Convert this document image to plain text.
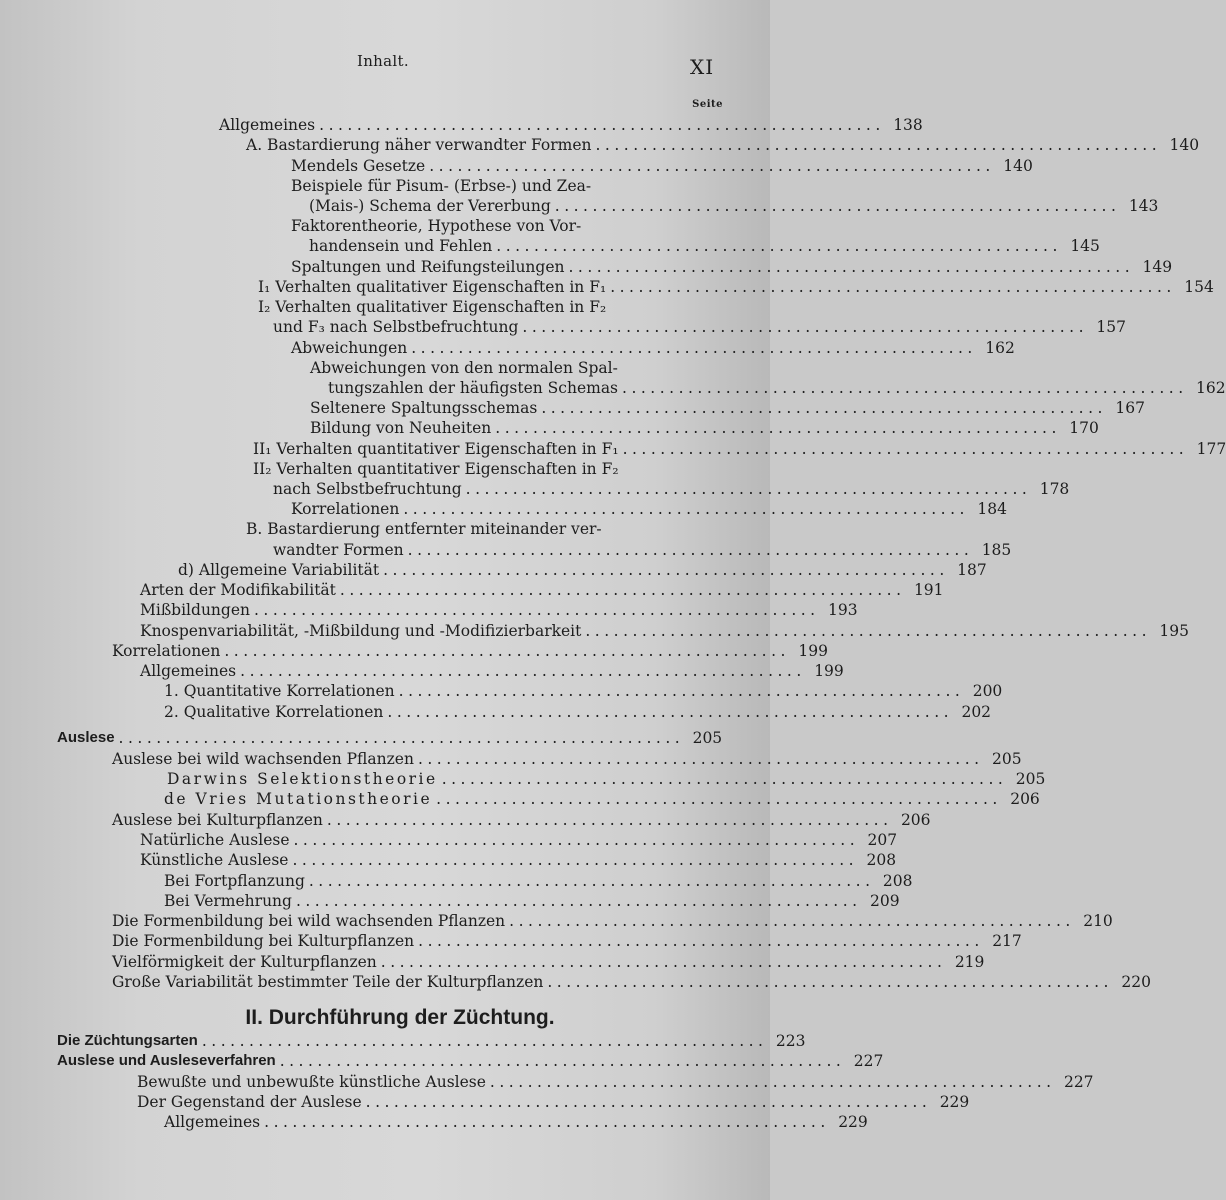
Inhalt.	XI
Seite
Allgemeines ............................................................ 138
A. Bastardierung näher verwandter Formen ............................................................ 140
Mendels Gesetze ............................................................ 140
Beispiele für Pisum- (Erbse-) und Zea-
(Mais-) Schema der Vererbung ............................................................ 143
Faktorentheorie, Hypothese von Vor-
handensein und Fehlen ............................................................ 145
Spaltungen und Reifungsteilungen ............................................................ 149
I₁ Verhalten qualitativer Eigenschaften in F₁ ............................................................ 154
I₂ Verhalten qualitativer Eigenschaften in F₂
und F₃ nach Selbstbefruchtung ............................................................ 157
Abweichungen ............................................................ 162
Abweichungen von den normalen Spal-
tungszahlen der häufigsten Schemas ............................................................ 162
Seltenere Spaltungsschemas ............................................................ 167
Bildung von Neuheiten ............................................................ 170
II₁ Verhalten quantitativer Eigenschaften in F₁ ............................................................ 177
II₂ Verhalten quantitativer Eigenschaften in F₂
nach Selbstbefruchtung ............................................................ 178
Korrelationen ............................................................ 184
B. Bastardierung entfernter miteinander ver-
wandter Formen ............................................................ 185
d) Allgemeine Variabilität ............................................................ 187
Arten der Modifikabilität ............................................................ 191
Mißbildungen ............................................................ 193
Knospenvariabilität, -Mißbildung und -Modifizierbarkeit ............................................................ 195
Korrelationen ............................................................ 199
Allgemeines ............................................................ 199
1. Quantitative Korrelationen ............................................................ 200
2. Qualitative Korrelationen ............................................................ 202
Auslese ............................................................ 205
Auslese bei wild wachsenden Pflanzen ............................................................ 205
Darwins Selektionstheorie ............................................................ 205
de Vries Mutationstheorie ............................................................ 206
Auslese bei Kulturpflanzen ............................................................ 206
Natürliche Auslese ............................................................ 207
Künstliche Auslese ............................................................ 208
Bei Fortpflanzung ............................................................ 208
Bei Vermehrung ............................................................ 209
Die Formenbildung bei wild wachsenden Pflanzen ............................................................ 210
Die Formenbildung bei Kulturpflanzen ............................................................ 217
Vielförmigkeit der Kulturpflanzen ............................................................ 219
Große Variabilität bestimmter Teile der Kulturpflanzen ............................................................ 220
II. Durchführung der Züchtung.
Die Züchtungsarten ............................................................ 223
Auslese und Ausleseverfahren ............................................................ 227
Bewußte und unbewußte künstliche Auslese ............................................................ 227
Der Gegenstand der Auslese ............................................................ 229
Allgemeines ............................................................ 229
